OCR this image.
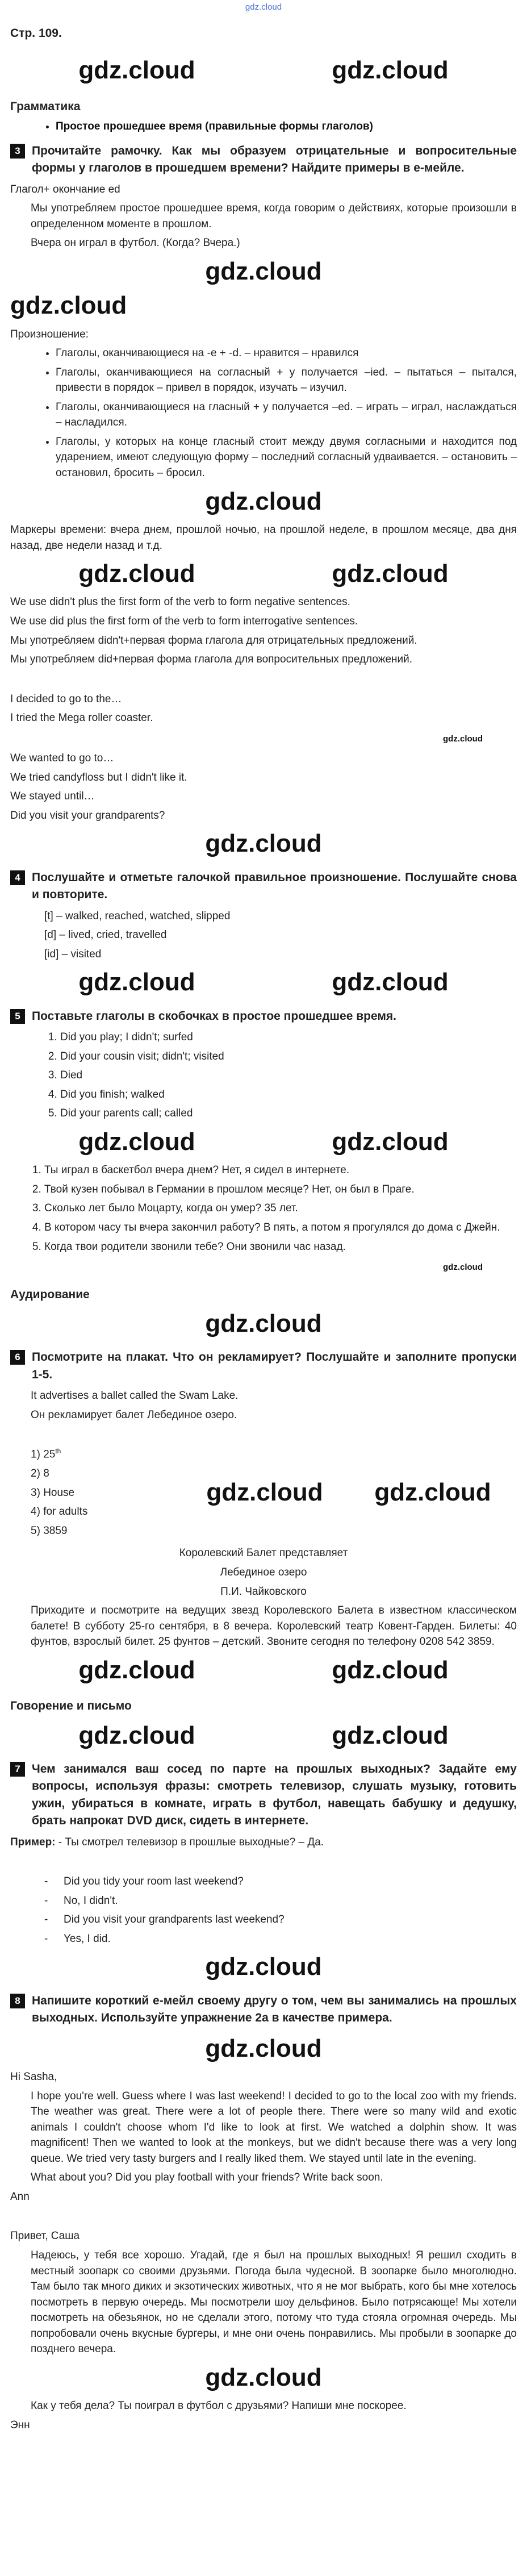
gdz.cloud
Стр. 109.
gdz.cloud	gdz.cloud
Грамматика
• Простое прошедшее время (правильные формы глаголов)
3 Прочитайте рамочку. Как мы образуем отрицательные и вопросительные формы у глаголов в прошедшем времени? Найдите примеры в е-мейле.

Глагол+ окончание ed

Мы употребляем простое прошедшее время, когда говорим о действиях, которые произошли в определенном моменте в прошлом.

Вчера он играл в футбол. (Когда? Вчера.)

gdz.cloud
gdz.cloud

Произношение:

• Глаголы, оканчивающиеся на -e + -d. – нравится – нравился
• Глаголы, оканчивающиеся на согласный + у получается –ied. – пытаться – пытался, привести в порядок – привел в порядок, изучать – изучил.
• Глаголы, оканчивающиеся на гласный + у получается –ed. – играть – играл, наслаждаться – насладился.
• Глаголы, у которых на конце гласный стоит между двумя согласными и находится под ударением, имеют следующую форму – последний согласный удваивается. – остановить – остановил, бросить – бросил.
gdz.cloud

Маркеры времени: вчера днем, прошлой ночью, на прошлой неделе, в прошлом месяце, два дня назад, две недели назад и т.д.

gdz.cloud	gdz.cloud

We use didn't plus the first form of the verb to form negative sentences.

We use did plus the first form of the verb to form interrogative sentences.

Мы употребляем didn't+первая форма глагола для отрицательных предложений.

Мы употребляем did+первая форма глагола для вопросительных предложений.

I decided to go to the…

I tried the Mega roller coaster.

gdz.cloud

We wanted to go to…

We tried candyfloss but I didn't like it.

We stayed until…

Did you visit your grandparents?

gdz.cloud
4 Послушайте и отметьте галочкой правильное произношение. Послушайте снова и повторите.

[t] – walked, reached, watched, slipped

[d] – lived, cried, travelled

[id] – visited

gdz.cloud	gdz.cloud
5 Поставьте глаголы в скобочках в простое прошедшее время.
1. Did you play; I didn't; surfed
2. Did your cousin visit; didn't; visited
3. Died
4. Did you finish; walked
5. Did your parents call; called
gdz.cloud	gdz.cloud
1. Ты играл в баскетбол вчера днем? Нет, я сидел в интернете.
2. Твой кузен побывал в Германии в прошлом месяце? Нет, он был в Праге.
3. Сколько лет было Моцарту, когда он умер? 35 лет.
4. В котором часу ты вчера закончил работу? В пять, а потом я прогулялся до дома с Джейн.
5. Когда твои родители звонили тебе? Они звонили час назад.
gdz.cloud
Аудирование
gdz.cloud
6 Посмотрите на плакат. Что он рекламирует? Послушайте и заполните пропуски 1-5.

It advertises a ballet called the Swam Lake.

Он рекламирует балет Лебединое озеро.

1) 25th

2) 8

3) House

4) for adults

5) 3859

gdz.cloud gdz.cloud

Королевский Балет представляет

Лебединое озеро

П.И. Чайковского

Приходите и посмотрите на ведущих звезд Королевского Балета в известном классическом балете! В субботу 25-го сентября, в 8 вечера. Королевский театр Ковент-Гарден. Билеты: 40 фунтов, взрослый билет. 25 фунтов – детский. Звоните сегодня по телефону 0208 542 3859.

gdz.cloud	gdz.cloud
Говорение и письмо
gdz.cloud	gdz.cloud
7 Чем занимался ваш сосед по парте на прошлых выходных? Задайте ему вопросы, используя фразы: смотреть телевизор, слушать музыку, готовить ужин, убираться в комнате, играть в футбол, навещать бабушку и дедушку, брать напрокат DVD диск, сидеть в интернете.

Пример: - Ты смотрел телевизор в прошлые выходные? – Да.

- Did you tidy your room last weekend?
- No, I didn't.
- Did you visit your grandparents last weekend?
- Yes, I did.
gdz.cloud
8 Напишите короткий е-мейл своему другу о том, чем вы занимались на прошлых выходных. Используйте упражнение 2а в качестве примера.
gdz.cloud

Hi Sasha,

I hope you're well. Guess where I was last weekend! I decided to go to the local zoo with my friends. The weather was great. There were a lot of people there. There were so many wild and exotic animals I couldn't choose whom I'd like to look at first. We watched a dolphin show. It was magnificent! Then we wanted to look at the monkeys, but we didn't because there was a very long queue. We tried very tasty burgers and I really liked them. We stayed until late in the evening.

What about you? Did you play football with your friends? Write back soon.

Ann

Привет, Саша

Надеюсь, у тебя все хорошо. Угадай, где я был на прошлых выходных! Я решил сходить в местный зоопарк со своими друзьями. Погода была чудесной. В зоопарке было многолюдно. Там было так много диких и экзотических животных, что я не мог выбрать, кого бы мне хотелось посмотреть в первую очередь. Мы посмотрели шоу дельфинов. Было потрясающе! Мы хотели посмотреть на обезьянок, но не сделали этого, потому что туда стояла огромная очередь. Мы попробовали очень вкусные бургеры, и мне они очень понравились. Мы пробыли в зоопарке до позднего вечера.

gdz.cloud

Как у тебя дела? Ты поиграл в футбол с друзьями? Напиши мне поскорее.

Энн
